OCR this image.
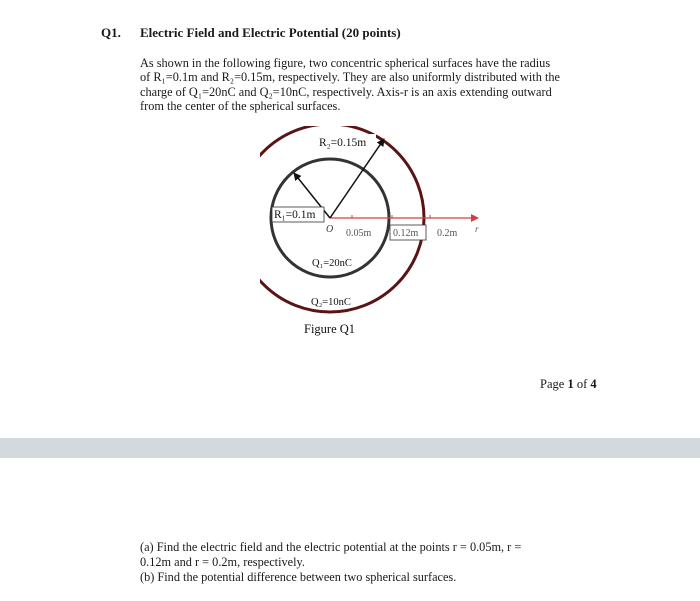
Q1. Electric Field and Electric Potential (20 points)
As shown in the following figure, two concentric spherical surfaces have the radius
of R₁=0.1m and R₂=0.15m, respectively. They are also uniformly distributed with the
charge of Q₁=20nC and Q₂=10nC, respectively. Axis-r is an axis extending outward
from the center of the spherical surfaces.
R₂=0.15m
R₁=0.1m
O 0.05m 0.12m 0.2m r
Q₁=20nC
Q₂=10nC
Figure Q1
Page 1 of 4
(a) Find the electric field and the electric potential at the points r = 0.05m, r =
0.12m and r = 0.2m, respectively.
(b) Find the potential difference between two spherical surfaces.
